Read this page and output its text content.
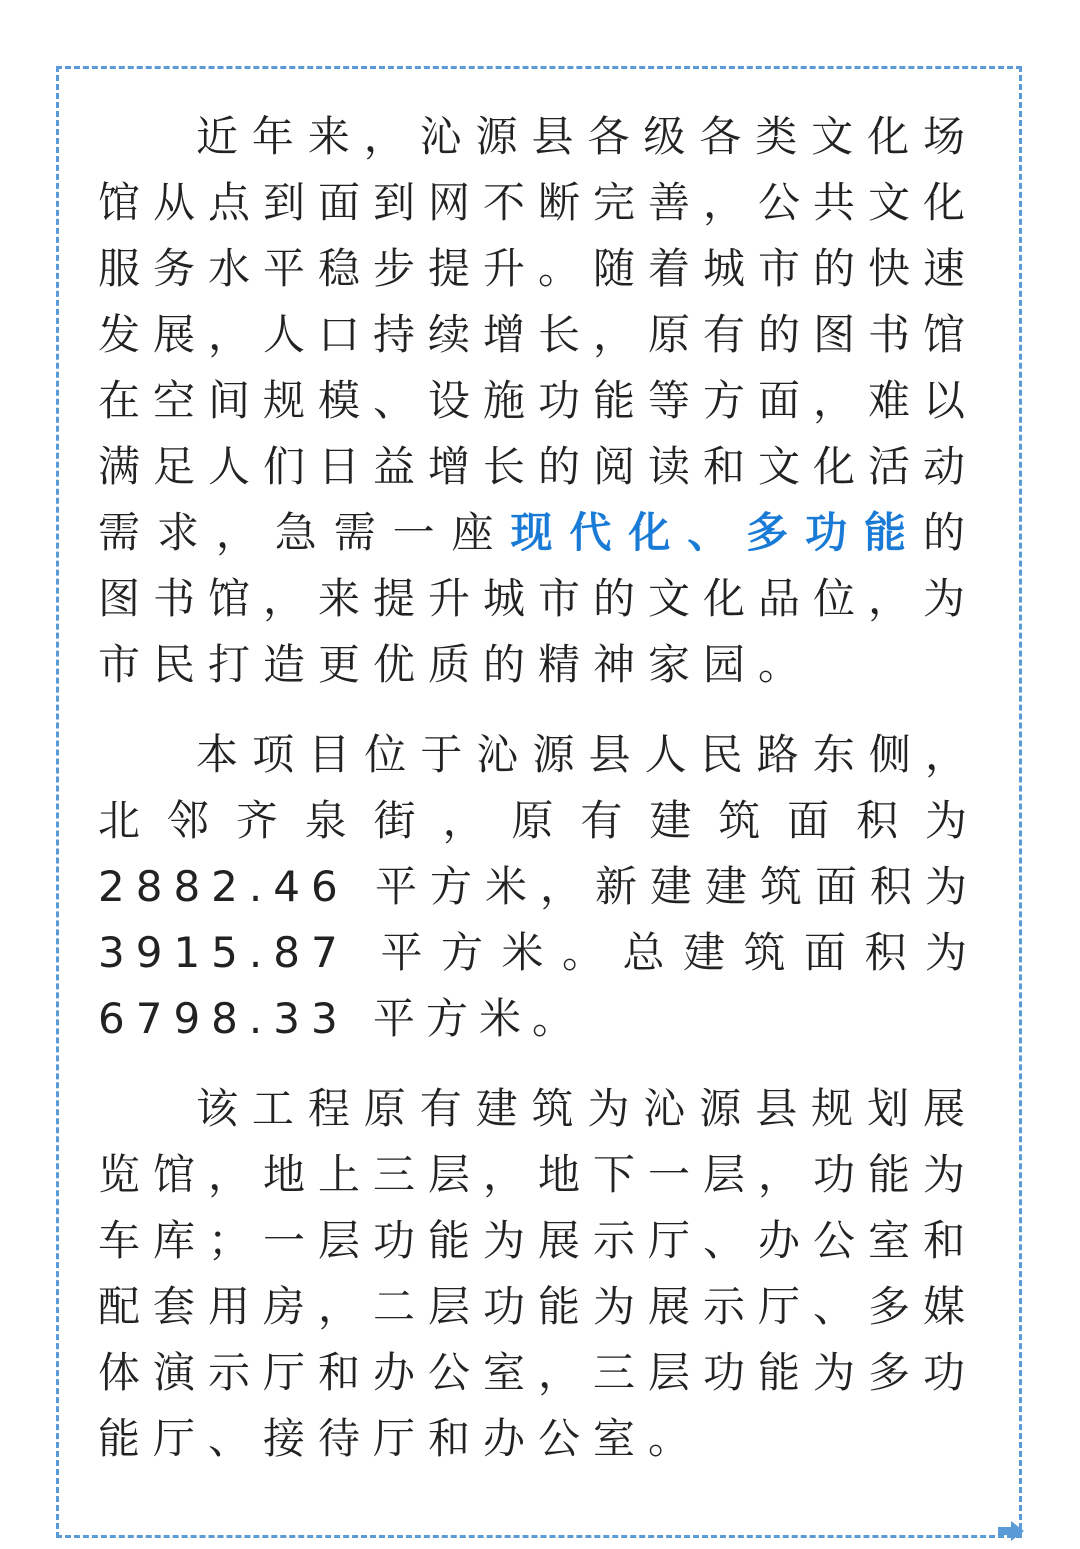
近年来，沁源县各级各类文化场馆从点到面到网不断完善，公共文化服务水平稳步提升。随着城市的快速发展，人口持续增长，原有的图书馆在空间规模、设施功能等方面，难以满足人们日益增长的阅读和文化活动需求，急需一座现代化、多功能的图书馆，来提升城市的文化品位，为市民打造更优质的精神家园。

本项目位于沁源县人民路东侧，北邻齐泉街，原有建筑面积为 2882.46 平方米，新建建筑面积为 3915.87 平方米。总建筑面积为 6798.33 平方米。

该工程原有建筑为沁源县规划展览馆，地上三层，地下一层，功能为车库；一层功能为展示厅、办公室和配套用房，二层功能为展示厅、多媒体演示厅和办公室，三层功能为多功能厅、接待厅和办公室。
